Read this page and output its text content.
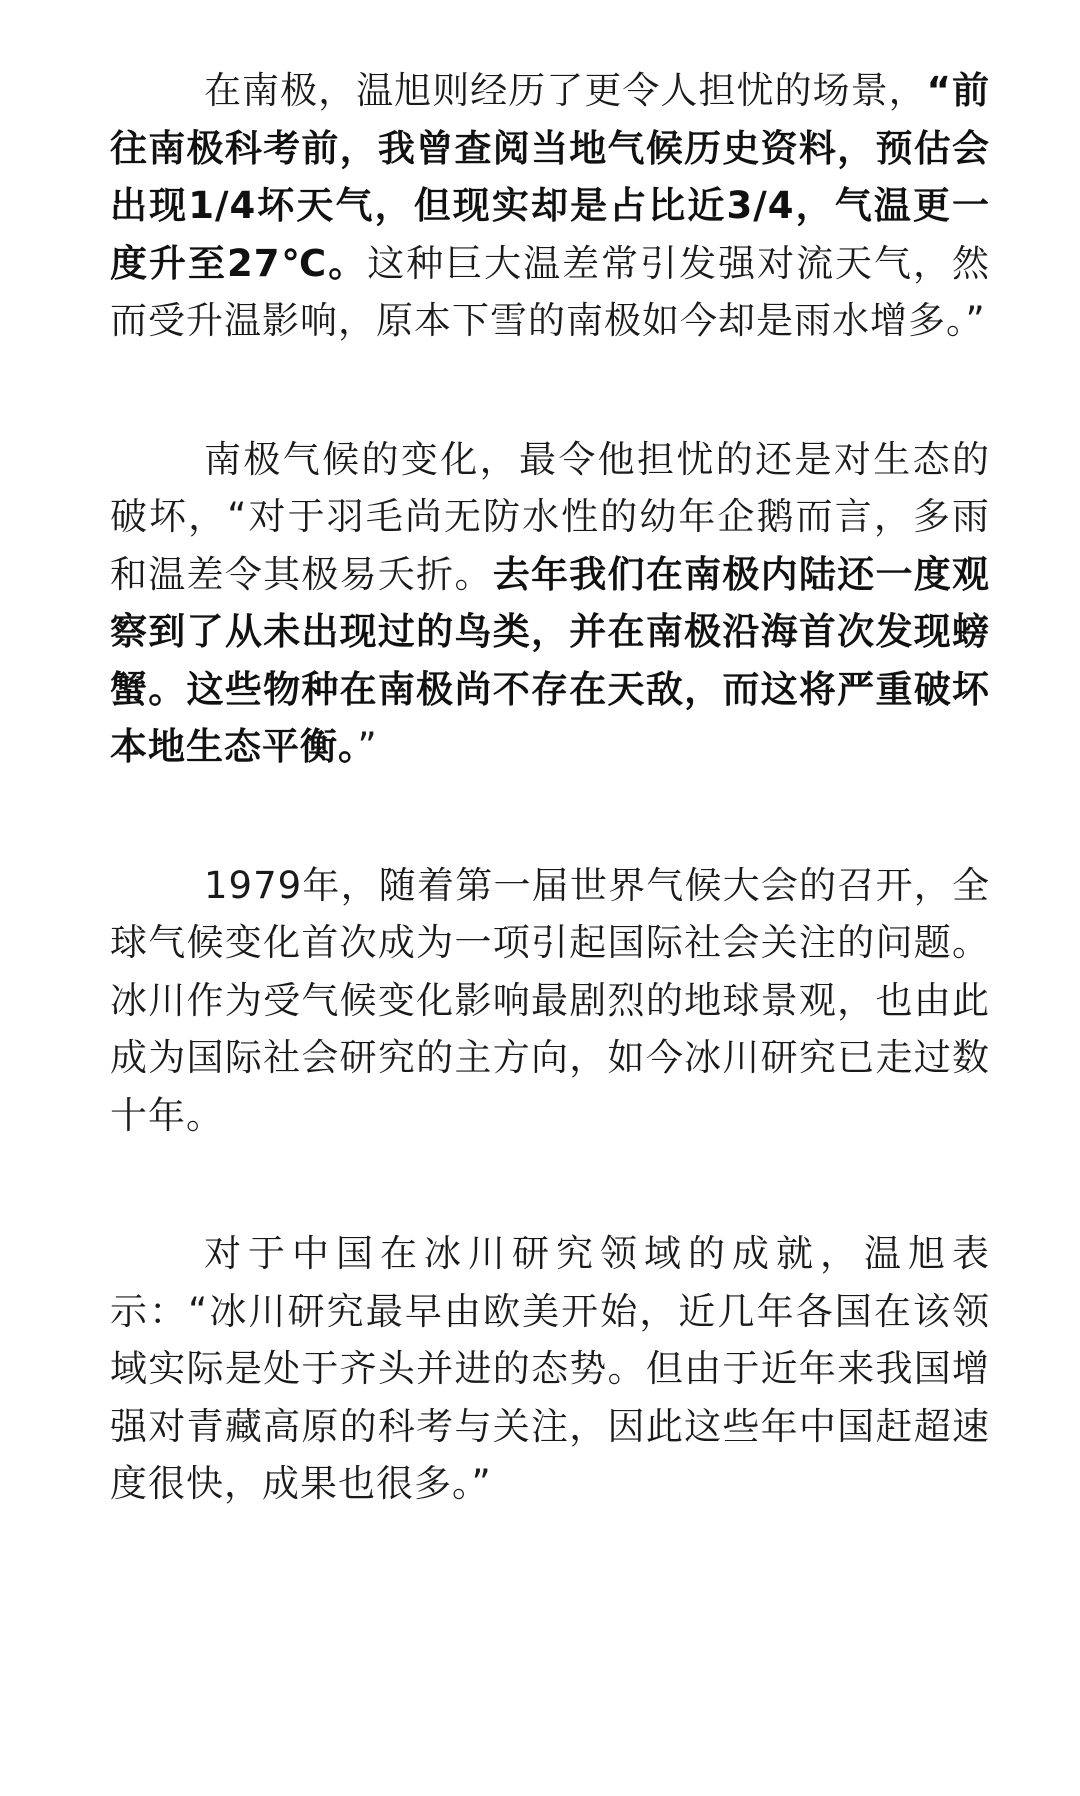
在南极，温旭则经历了更令人担忧的场景，“前往南极科考前，我曾查阅当地气候历史资料，预估会出现1/4坏天气，但现实却是占比近3/4，气温更一度升至27℃。这种巨大温差常引发强对流天气，然而受升温影响，原本下雪的南极如今却是雨水增多。”

南极气候的变化，最令他担忧的还是对生态的破坏，“对于羽毛尚无防水性的幼年企鹅而言，多雨和温差令其极易夭折。去年我们在南极内陆还一度观察到了从未出现过的鸟类，并在南极沿海首次发现螃蟹。这些物种在南极尚不存在天敌，而这将严重破坏本地生态平衡。”

1979年，随着第一届世界气候大会的召开，全球气候变化首次成为一项引起国际社会关注的问题。冰川作为受气候变化影响最剧烈的地球景观，也由此成为国际社会研究的主方向，如今冰川研究已走过数十年。

对于中国在冰川研究领域的成就，温旭表示：“冰川研究最早由欧美开始，近几年各国在该领域实际是处于齐头并进的态势。但由于近年来我国增强对青藏高原的科考与关注，因此这些年中国赶超速度很快，成果也很多。”
